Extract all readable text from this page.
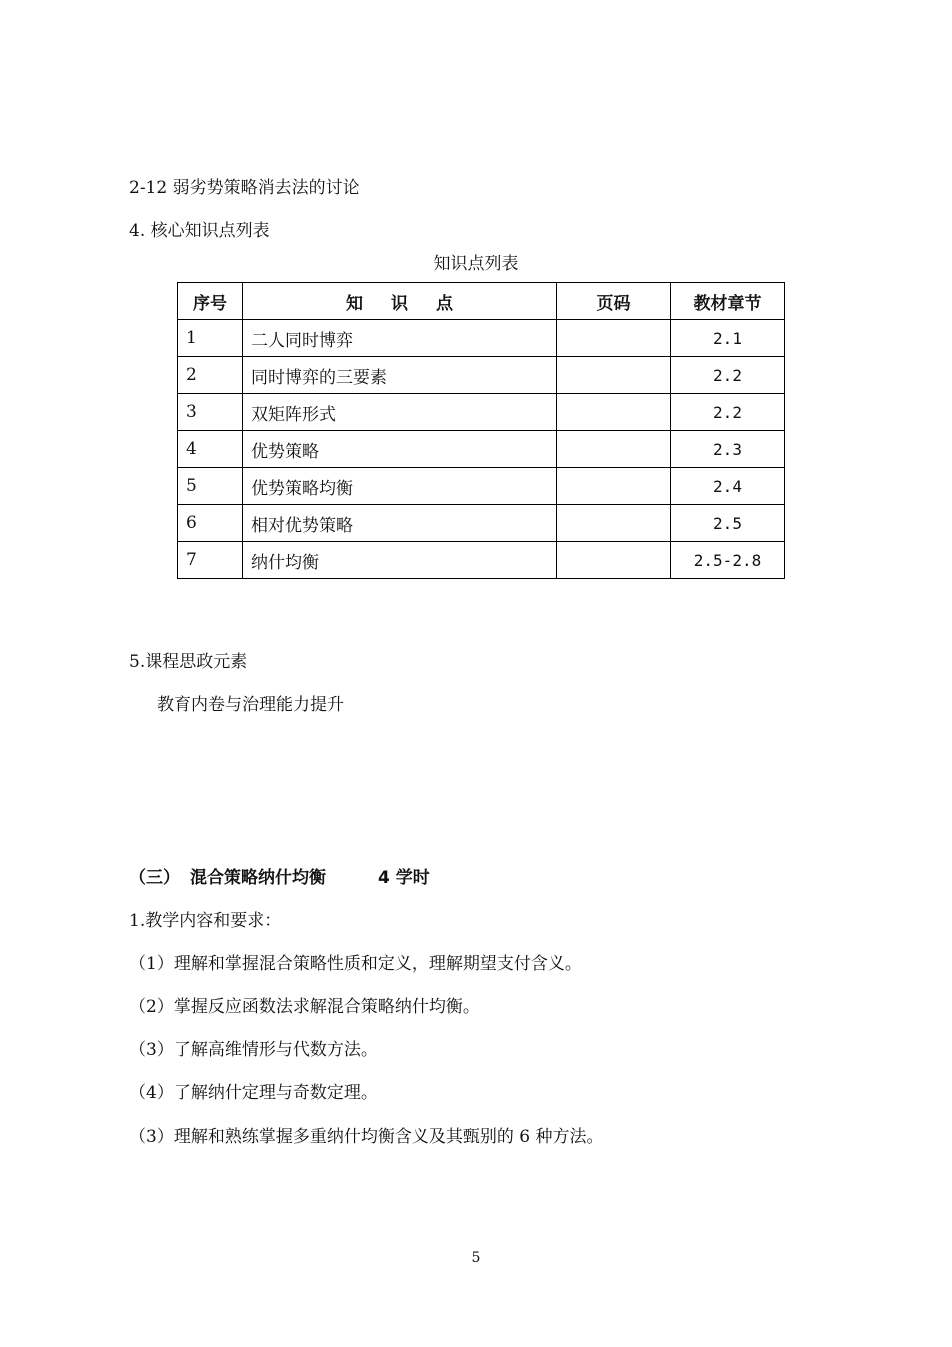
2-12 弱劣势策略消去法的讨论
4. 核心知识点列表
知识点列表
序号	知识点	页码	教材章节
1	二人同时博弈		2.1
2	同时博弈的三要素		2.2
3	双矩阵形式		2.2
4	优势策略		2.3
5	优势策略均衡		2.4
6	相对优势策略		2.5
7	纳什均衡		2.5-2.8
5.课程思政元素
教育内卷与治理能力提升
（三） 混合策略纳什均衡	4 学时
1.教学内容和要求：
（1）理解和掌握混合策略性质和定义，理解期望支付含义。
（2）掌握反应函数法求解混合策略纳什均衡。
（3）了解高维情形与代数方法。
（4）了解纳什定理与奇数定理。
（3）理解和熟练掌握多重纳什均衡含义及其甄别的 6 种方法。
5
